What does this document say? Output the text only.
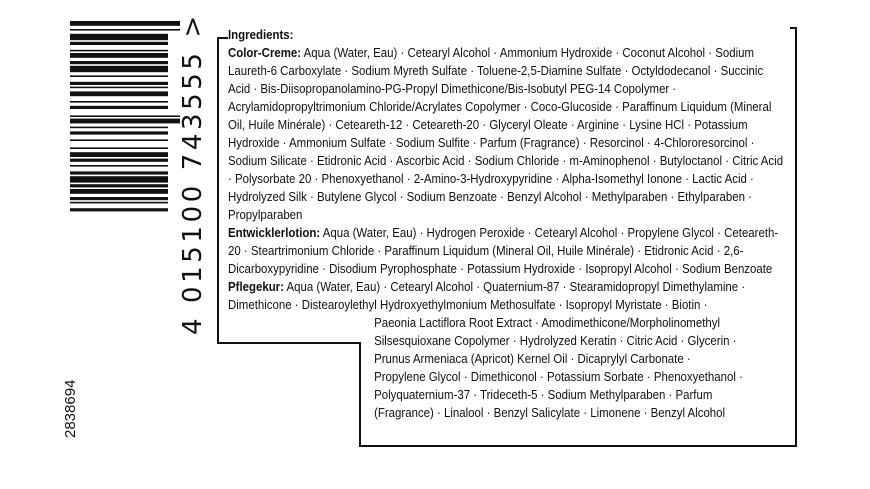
4 015100 743555 >
2838694

Ingredients:

Color-Creme: Aqua (Water, Eau) · Cetearyl Alcohol · Ammonium Hydroxide · Coconut Alcohol · Sodium Laureth-6 Carboxylate · Sodium Myreth Sulfate · Toluene-2,5-Diamine Sulfate · Octyldodecanol · Succinic Acid · Bis-Diisopropanolamino-PG-Propyl Dimethicone/Bis-Isobutyl PEG-14 Copolymer · Acrylamidopropyltrimonium Chloride/Acrylates Copolymer · Coco-Glucoside · Paraffinum Liquidum (Mineral Oil, Huile Minérale) · Ceteareth-12 · Ceteareth-20 · Glyceryl Oleate · Arginine · Lysine HCl · Potassium Hydroxide · Ammonium Sulfate · Sodium Sulfite · Parfum (Fragrance) · Resorcinol · 4-Chlororesorcinol · Sodium Silicate · Etidronic Acid · Ascorbic Acid · Sodium Chloride · m-Aminophenol · Butyloctanol · Citric Acid · Polysorbate 20 · Phenoxyethanol · 2-Amino-3-Hydroxypyridine · Alpha-Isomethyl Ionone · Lactic Acid · Hydrolyzed Silk · Butylene Glycol · Sodium Benzoate · Benzyl Alcohol · Methylparaben · Ethylparaben · Propylparaben

Entwicklerlotion: Aqua (Water, Eau) · Hydrogen Peroxide · Cetearyl Alcohol · Propylene Glycol · Ceteareth-20 · Steartrimonium Chloride · Paraffinum Liquidum (Mineral Oil, Huile Minérale) · Etidronic Acid · 2,6-Dicarboxypyridine · Disodium Pyrophosphate · Potassium Hydroxide · Isopropyl Alcohol · Sodium Benzoate

Pflegekur: Aqua (Water, Eau) · Cetearyl Alcohol · Quaternium-87 · Stearamidopropyl Dimethylamine ·
Dimethicone · Distearoylethyl Hydroxyethylmonium Methosulfate · Isopropyl Myristate · Biotin ·

Paeonia Lactiflora Root Extract · Amodimethicone/Morpholinomethyl
Silsesquioxane Copolymer · Hydrolyzed Keratin · Citric Acid · Glycerin ·
Prunus Armeniaca (Apricot) Kernel Oil · Dicaprylyl Carbonate ·
Propylene Glycol · Dimethiconol · Potassium Sorbate · Phenoxyethanol ·
Polyquaternium-37 · Trideceth-5 · Sodium Methylparaben · Parfum
(Fragrance) · Linalool · Benzyl Salicylate · Limonene · Benzyl Alcohol
